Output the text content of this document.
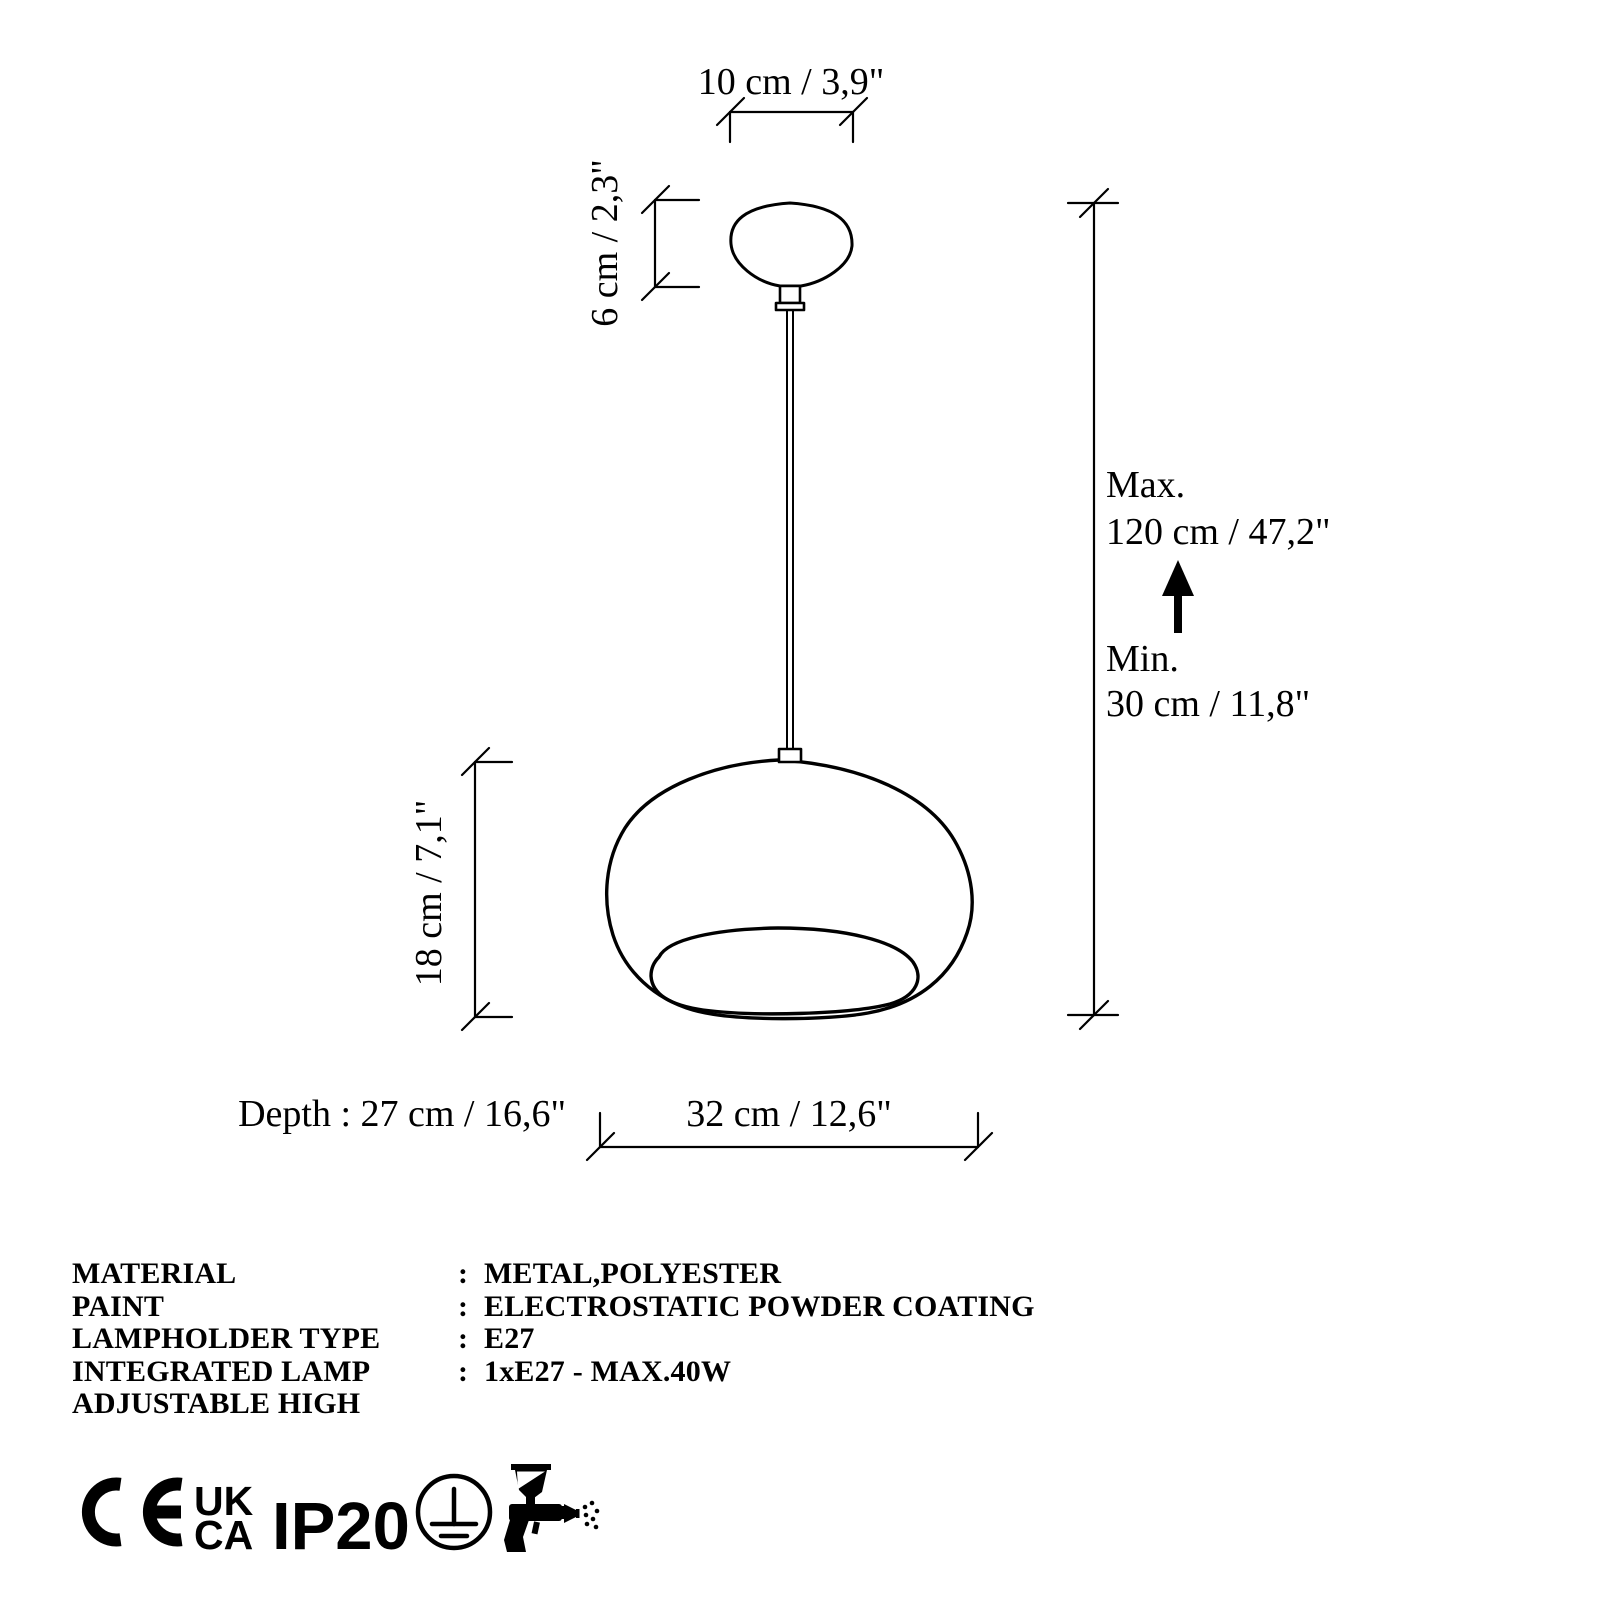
10 cm / 3,9"
6 cm / 2,3"
Max.
120 cm / 47,2"
Min.
30 cm / 11,8"
18 cm / 7,1"
32 cm / 12,6"
Depth : 27 cm / 16,6"
UK
CA IP20
MATERIAL	: METAL,POLYESTER
PAINT	: ELECTROSTATIC POWDER COATING
LAMPHOLDER TYPE	: E27
INTEGRATED LAMP	: 1xE27 - MAX.40W
ADJUSTABLE HIGH
